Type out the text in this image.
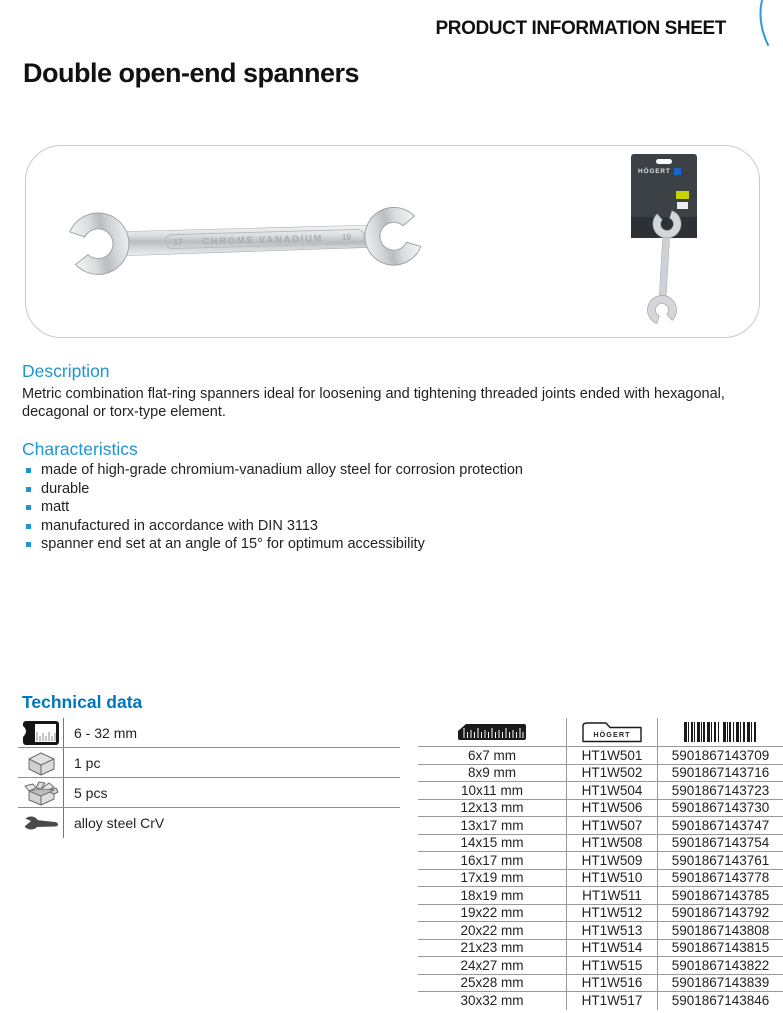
PRODUCT INFORMATION SHEET
Double open-end spanners
17 CHROME VANADIUM 19
HÖGERT
Description
Metric combination flat-ring spanners ideal for loosening and tightening threaded joints ended with hexagonal, decagonal or torx-type element.
Characteristics
made of high-grade chromium-vanadium alloy steel for corrosion protection
durable
matt
manufactured in accordance with DIN 3113
spanner end set at an angle of 15° for optimum accessibility
Technical data
6 - 32 mm
1 pc
5 pcs
alloy steel CrV
HÖGERT
6x7 mm	HT1W501	5901867143709
8x9 mm	HT1W502	5901867143716
10x11 mm	HT1W504	5901867143723
12x13 mm	HT1W506	5901867143730
13x17 mm	HT1W507	5901867143747
14x15 mm	HT1W508	5901867143754
16x17 mm	HT1W509	5901867143761
17x19 mm	HT1W510	5901867143778
18x19 mm	HT1W511	5901867143785
19x22 mm	HT1W512	5901867143792
20x22 mm	HT1W513	5901867143808
21x23 mm	HT1W514	5901867143815
24x27 mm	HT1W515	5901867143822
25x28 mm	HT1W516	5901867143839
30x32 mm	HT1W517	5901867143846
